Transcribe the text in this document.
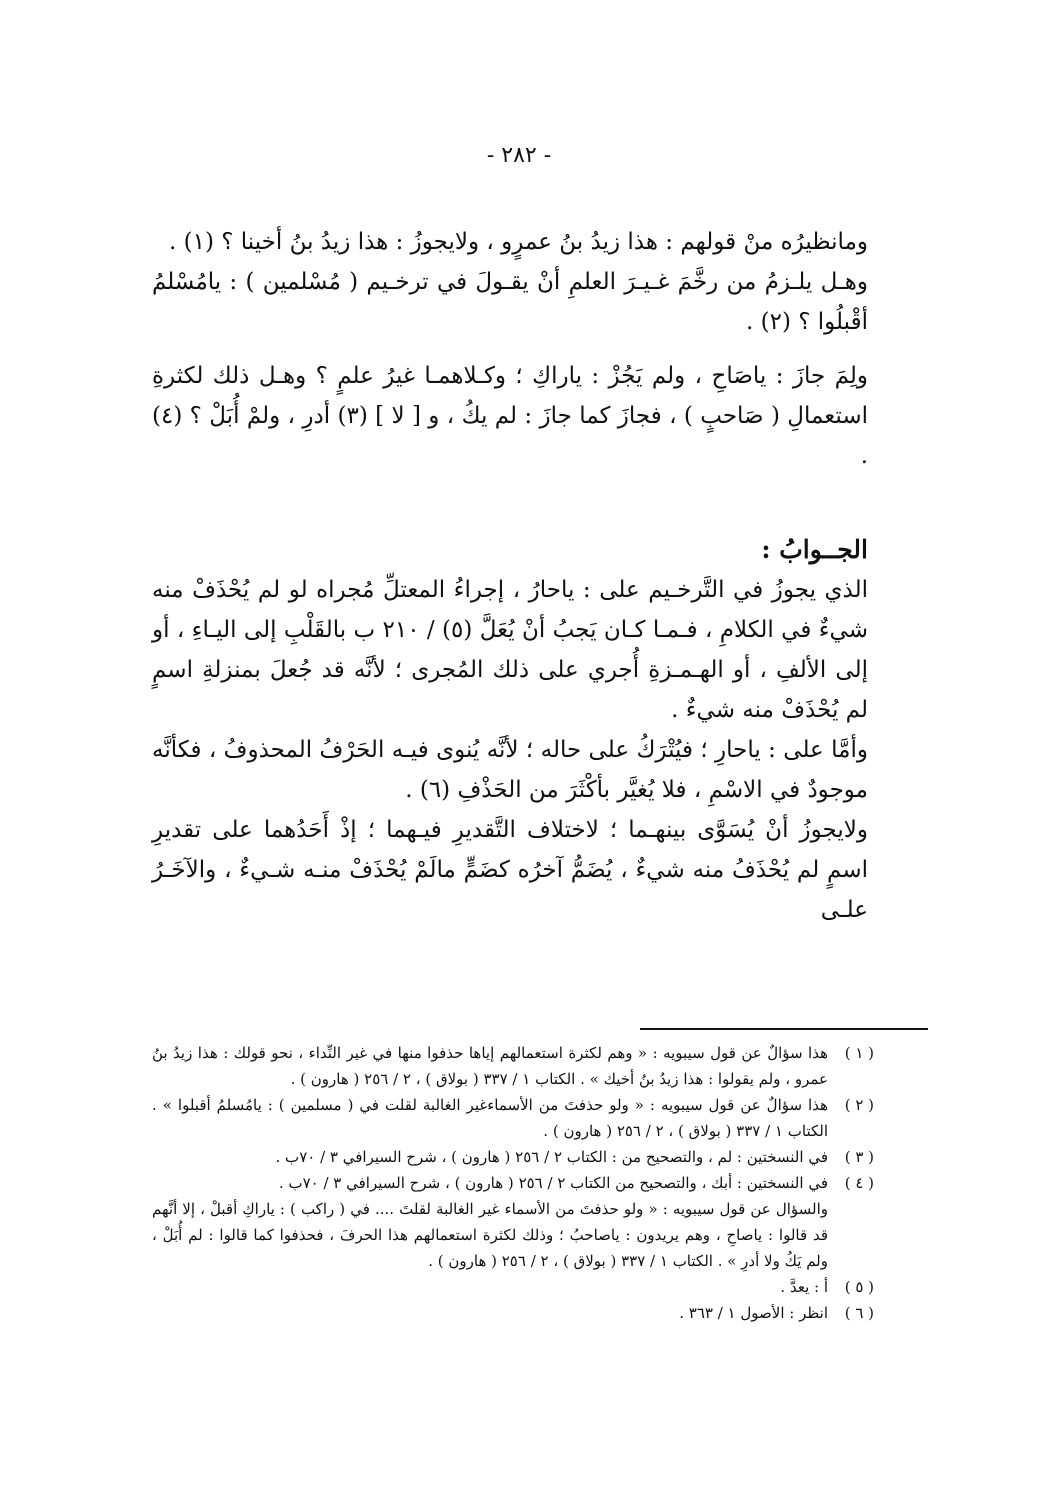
- ٢٨٢ -

ومانظيرُه منْ قولهم : هذا زيدُ بنُ عمرٍو ، ولايجوزُ : هذا زيدُ بنُ أخينا ؟ (١) .

وهـل يلـزمُ من رخَّمَ غـيـرَ العلمِ أنْ يقـولَ في ترخـيم ( مُسْلمين ) : يامُسْلمُ أقْبلُوا ؟ (٢) .

ولِمَ جازَ : ياصَاحِ ، ولم يَجُزْ : ياراكِ ؛ وكـلاهمـا غيرُ علمٍ ؟ وهـل ذلك لكثرةِ استعمالِ ( صَاحبٍ ) ، فجازَ كما جازَ : لم يكُ ، و [ لا ] (٣) أدرِ ، ولمْ أُبَلْ ؟ (٤) .

الجــوابُ :

الذي يجوزُ في التَّرخـيم على : ياحارُ ، إجراءُ المعتلِّ مُجراه لو لم يُحْذَفْ منه شيءٌ في الكلامِ ، فـمـا كـان يَجبُ أنْ يُعَلَّ (٥) / ٢١٠ ب بالقَلْبِ إلى اليـاءِ ، أو إلى الألفِ ، أو الهـمـزةِ أُجري على ذلك المُجرى ؛ لأنَّه قد جُعلَ بمنزلةِ اسمٍ لم يُحْذَفْ منه شيءٌ .

وأمَّا على : ياحارِ ؛ فيُتْرَكُ على حاله ؛ لأنَّه يُنوى فيـه الحَرْفُ المحذوفُ ، فكأنَّه موجودٌ في الاسْمِ ، فلا يُغيَّر بأكْثَرَ من الحَذْفِ (٦) .

ولايجوزُ أنْ يُسَوَّى بينهـما ؛ لاختلاف التَّقديرِ فيـهما ؛ إذْ أَحَدُهما على تقديرِ اسمٍ لم يُحْذَفُ منه شيءٌ ، يُضَمُّ آخرُه كضَمٍّ مالَمْ يُحْذَفْ منـه شـيءٌ ، والآخَـرُ علـى

( ١ )
هذا سؤالٌ عن قول سيبويه : « وهم لكثرة استعمالهم إياها حذفوا منها في غير النِّداء ، نحو قولك : هذا زيدُ بنُ عمرو ، ولم يقولوا : هذا زيدُ بنُ أخيك » . الكتاب ١ / ٣٣٧ ( بولاق ) ، ٢ / ٢٥٦ ( هارون ) .
( ٢ )
هذا سؤالٌ عن قول سيبويه : « ولو حذفتَ من الأسماءغير الغالبة لقلت في ( مسلمين ) : يامُسلمُ أقبلوا » . الكتاب ١ / ٣٣٧ ( بولاق ) ، ٢ / ٢٥٦ ( هارون ) .
( ٣ )
في النسختين : لم ، والتصحيح من : الكتاب ٢ / ٢٥٦ ( هارون ) ، شرح السيرافي ٣ / ٧٠ب .
( ٤ )
في النسختين : أبك ، والتصحيح من الكتاب ٢ / ٢٥٦ ( هارون ) ، شرح السيرافي ٣ / ٧٠ب .
والسؤال عن قول سيبويه : « ولو حذفتَ من الأسماء غير الغالبة لقلتَ .... في ( راكب ) : ياراكِ أقبلْ ، إلا أنَّهم قد قالوا : ياصاحِ ، وهم يريدون : ياصاحبُ ؛ وذلك لكثرة استعمالهم هذا الحرفَ ، فحذفوا كما قالوا : لم أُبَلْ ، ولم يَكُ ولا أدرِ » . الكتاب ١ / ٣٣٧ ( بولاق ) ، ٢ / ٢٥٦ ( هارون ) .
( ٥ )
أ : يعدَّ .
( ٦ )
انظر : الأصول ١ / ٣٦٣ .
